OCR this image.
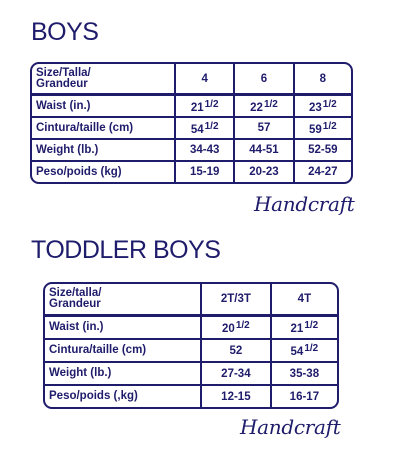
BOYS
Size/Talla/
Grandeur	4	6	8
Waist (in.)	$21^{1/2}$	$22^{1/2}$	$23^{1/2}$
Cintura/taille (cm)	$54^{1/2}$	57	$59^{1/2}$
Weight (lb.)	34-43	44-51	52-59
Peso/poids (kg)	15-19	20-23	24-27
Handcraft
TODDLER BOYS
Size/talla/
Grandeur	2T/3T	4T
Waist (in.)	$20^{1/2}$	$21^{1/2}$
Cintura/taille (cm)	52	$54^{1/2}$
Weight (lb.)	27-34	35-38
Peso/poids (,kg)	12-15	16-17
Handcraft
